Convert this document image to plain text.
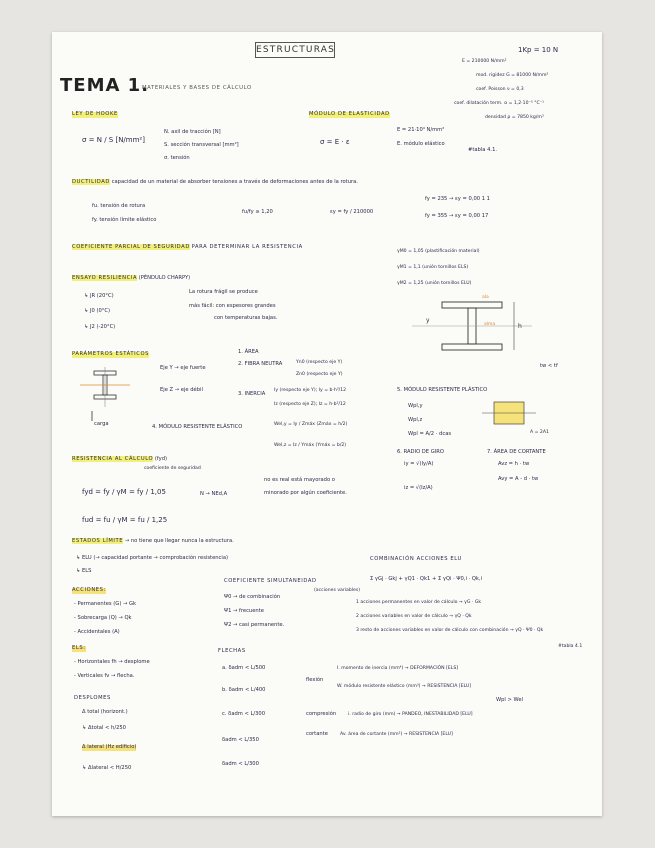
ESTRUCTURAS	1Kp = 10 N
TEMA 1.
MATERIALES Y BASES DE CÁLCULO
E = 210000 N/mm²
mod. rigidez G = 81000 N/mm²
coef. Poisson ν = 0,3
coef. dilatación term. α = 1,2·10⁻⁵ °C⁻¹
densidad ρ = 7850 kg/m³
LEY DE HOOKE
σ = N / S [N/mm²]
N. axil de tracción [N]
S. sección transversal [mm²]
σ. tensión
MÓDULO DE ELASTICIDAD
σ = E · ε
E = 21·10⁴ N/mm²
E. módulo elástico
#tabla 4.1.
DUCTILIDAD capacidad de un material de absorber tensiones a través de deformaciones antes de la rotura.
fu. tensión de rotura
fy. tensión límite elástico
fu/fy ≥ 1,20	εy = fy / 210000
fy = 235 → εy = 0,00 1 1
fy = 355 → εy = 0,00 17
COEFICIENTE PARCIAL DE SEGURIDAD PARA DETERMINAR LA RESISTENCIA
γM0 = 1,05 (plastificación material)
γM1 = 1,1 (unión tornillos ELS)
γM2 = 1,25 (unión tornillos ELU)
ENSAYO RESILIENCIA (PÉNDULO CHARPY)
↳ JR (20°C)
↳ J0 (0°C)
↳ J2 (-20°C)
La rotura frágil se produce
más fácil: con espesores grandes
con temperaturas bajas.
h
y
ala
alma
tw < tf
PARÁMETROS ESTÁTICOS
Eje Y → eje fuerte
Eje Z → eje débil
carga
1. ÁREA
2. FIBRA NEUTRA	Yn0 (respecto eje Y)
Zn0 (respecto eje Y)
3. INERCIA
Iy (respecto eje Y); Iy = b·h³/12
Iz (respecto eje Z); Iz = h·b³/12
4. MÓDULO RESISTENTE ELÁSTICO	Wel,y = Iy / Zmáx (Zmáx = h/2)
Wel,z = Iz / Ymáx (Ymáx = b/2)
5. MÓDULO RESISTENTE PLÁSTICO
Wpl,y
Wpl,z
Wpl = A/2 · dcas	A = 2A1
6. RADIO DE GIRO
iy = √(Iy/A)
iz = √(Iz/A)
7. ÁREA DE CORTANTE
Avz = h · tw
Avy = A - d · tw
RESISTENCIA AL CÁLCULO (fyd)
coeficiente de seguridad
fyd = fy / γM = fy / 1,05
fud = fu / γM = fu / 1,25
N → NEd,A
no es real está mayorado o
minorado por algún coeficiente.
ESTADOS LÍMITE → no tiene que llegar nunca la estructura.
↳ ELU (→ capacidad portante → comprobación resistencia)
↳ ELS
ACCIONES:
- Permanentes (G) → Gk
- Sobrecarga (Q) → Qk
- Accidentales (A)
COEFICIENTE SIMULTANEIDAD
Ψ0 → de combinación
(acciones variables)
Ψ1 → frecuente
Ψ2 → casi permanente.
COMBINACIÓN ACCIONES ELU
Σ γGj · Gkj + γQ1 · Qk1 + Σ γQi · Ψ0,i · Qk,i
1 acciones permanentes en valor de cálculo → γG · Gk
2 acciones variables en valor de cálculo → γQ · Qk
3 resto de acciones variables en valor de cálculo con combinación → γQ · Ψ0 · Qk
#tabla 4.1
ELS:
- Horizontales fh → desplome
- Verticales fv → flecha.
DESPLOMES
Δ total (horizont.)
↳ Δtotal < h/250
Δ lateral (Hz edificio)
↳ Δlateral < H/250
FLECHAS
a. δadm < L/500
b. δadm < L/400
c. δadm < L/300
δadm < L/350
δadm < L/300
flexión
I. momento de inercia (mm⁴) → DEFORMACIÓN [ELS]
W. módulo resistente elástico (mm³) → RESISTENCIA [ELU]
Wpl > Wel
compresión	i. radio de giro (mm) → PANDEO, INESTABILIDAD [ELU]
cortante	Av. área de cortante (mm²) → RESISTENCIA [ELU]
